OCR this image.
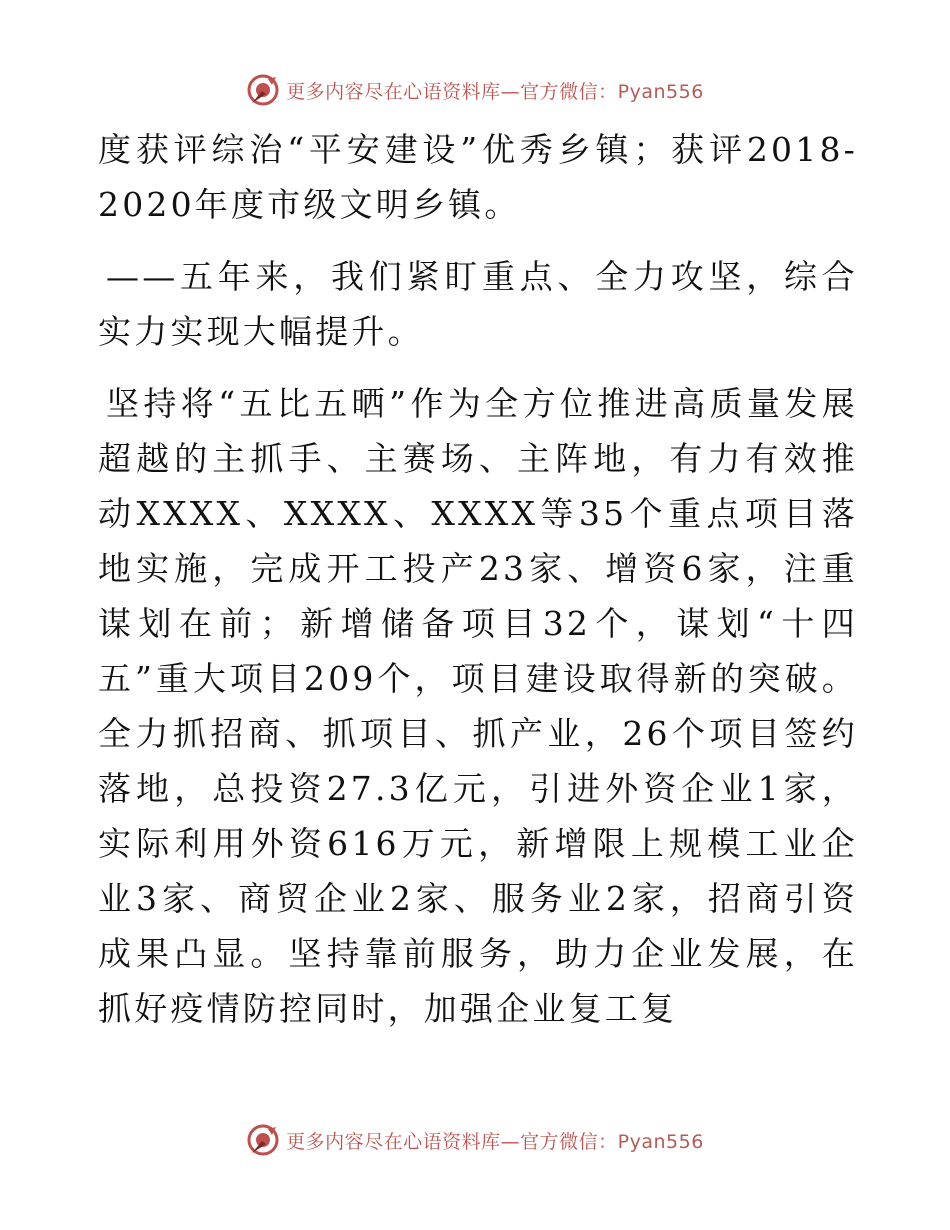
更多内容尽在心语资料库—官方微信：Pyan556

度获评综治“平安建设”优秀乡镇；获评2018-2020年度市级文明乡镇。

——五年来，我们紧盯重点、全力攻坚，综合实力实现大幅提升。

坚持将“五比五晒”作为全方位推进高质量发展超越的主抓手、主赛场、主阵地，有力有效推动XXXX、XXXX、XXXX等35个重点项目落地实施，完成开工投产23家、增资6家，注重谋划在前；新增储备项目32个，谋划“十四五”重大项目209个，项目建设取得新的突破。全力抓招商、抓项目、抓产业，26个项目签约落地，总投资27.3亿元，引进外资企业1家，实际利用外资616万元，新增限上规模工业企业3家、商贸企业2家、服务业2家，招商引资成果凸显。坚持靠前服务，助力企业发展，在抓好疫情防控同时，加强企业复工复

更多内容尽在心语资料库—官方微信：Pyan556
